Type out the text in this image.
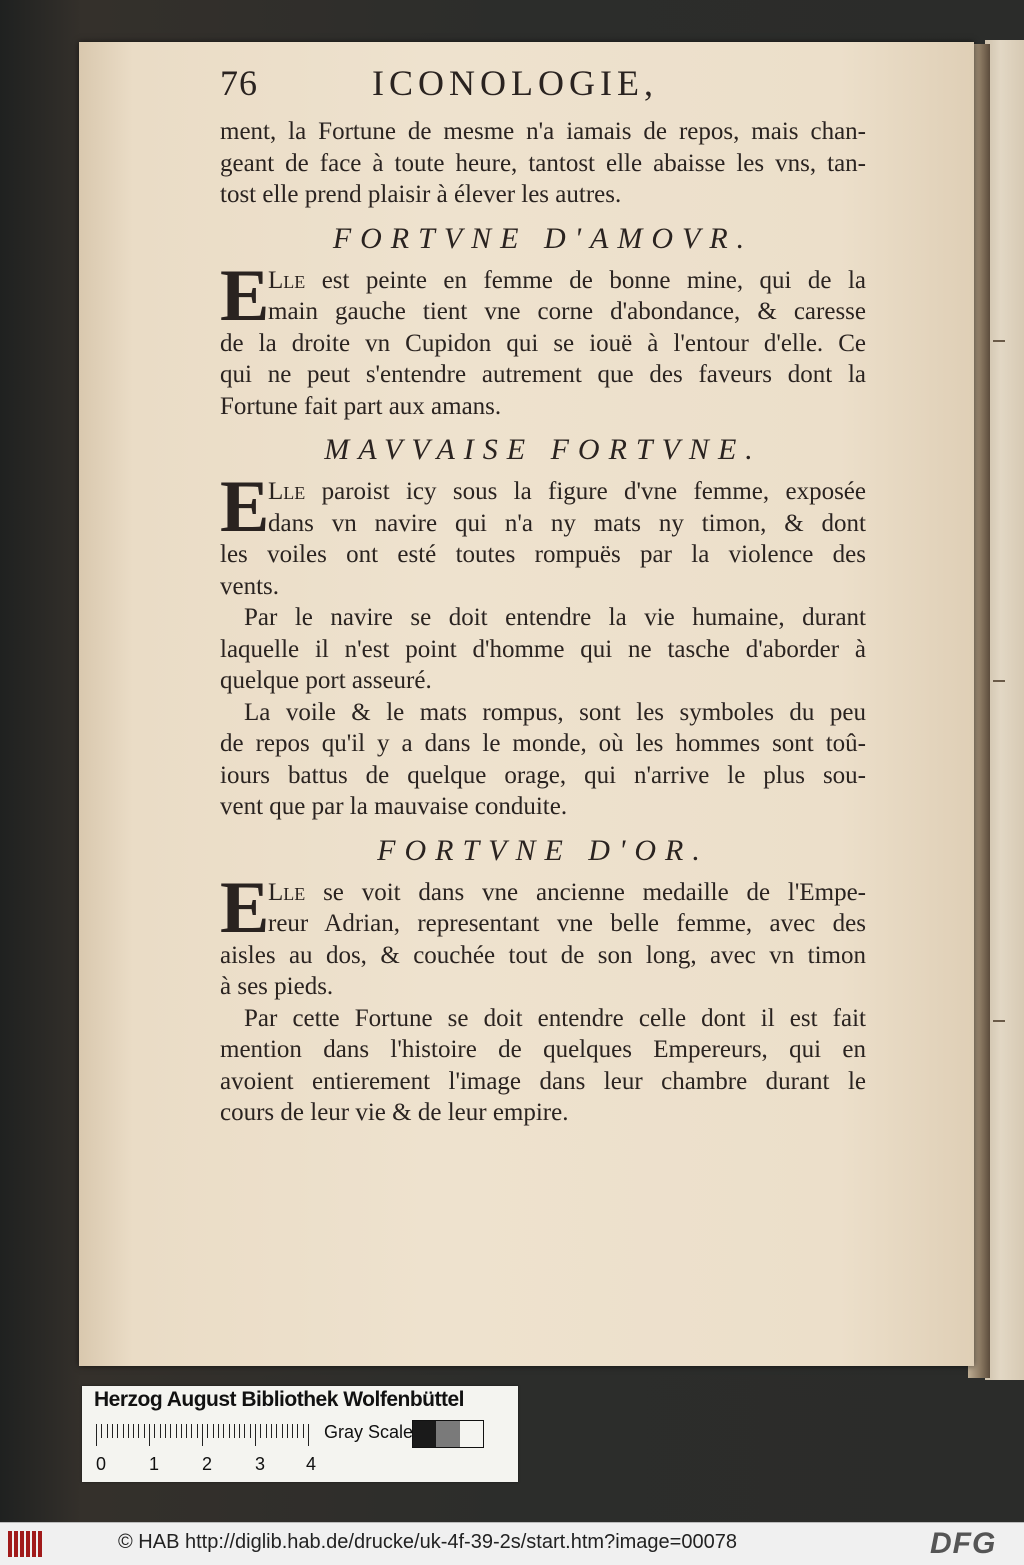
76	ICONOLOGIE,
ment, la Fortune de mesme n'a iamais de repos, mais chan-
geant de face à toute heure, tantost elle abaisse les vns, tan-
tost elle prend plaisir à élever les autres.
FORTVNE D'AMOVR.
E
Lle est peinte en femme de bonne mine, qui de la
main gauche tient vne corne d'abondance, & caresse
de la droite vn Cupidon qui se iouë à l'entour d'elle. Ce
qui ne peut s'entendre autrement que des faveurs dont la
Fortune fait part aux amans.
MAVVAISE FORTVNE.
E
Lle paroist icy sous la figure d'vne femme, exposée
dans vn navire qui n'a ny mats ny timon, & dont
les voiles ont esté toutes rompuës par la violence des
vents.
Par le navire se doit entendre la vie humaine, durant
laquelle il n'est point d'homme qui ne tasche d'aborder à
quelque port asseuré.
La voile & le mats rompus, sont les symboles du peu
de repos qu'il y a dans le monde, où les hommes sont toû-
iours battus de quelque orage, qui n'arrive le plus sou-
vent que par la mauvaise conduite.
FORTVNE D'OR.
E
Lle se voit dans vne ancienne medaille de l'Empe-
reur Adrian, representant vne belle femme, avec des
aisles au dos, & couchée tout de son long, avec vn timon
à ses pieds.
Par cette Fortune se doit entendre celle dont il est fait
mention dans l'histoire de quelques Empereurs, qui en
avoient entierement l'image dans leur chambre durant le
cours de leur vie & de leur empire.
Herzog August Bibliothek Wolfenbüttel
0 1 2 3 4
Gray Scale
© HAB http://diglib.hab.de/drucke/uk-4f-39-2s/start.htm?image=00078	DFG
